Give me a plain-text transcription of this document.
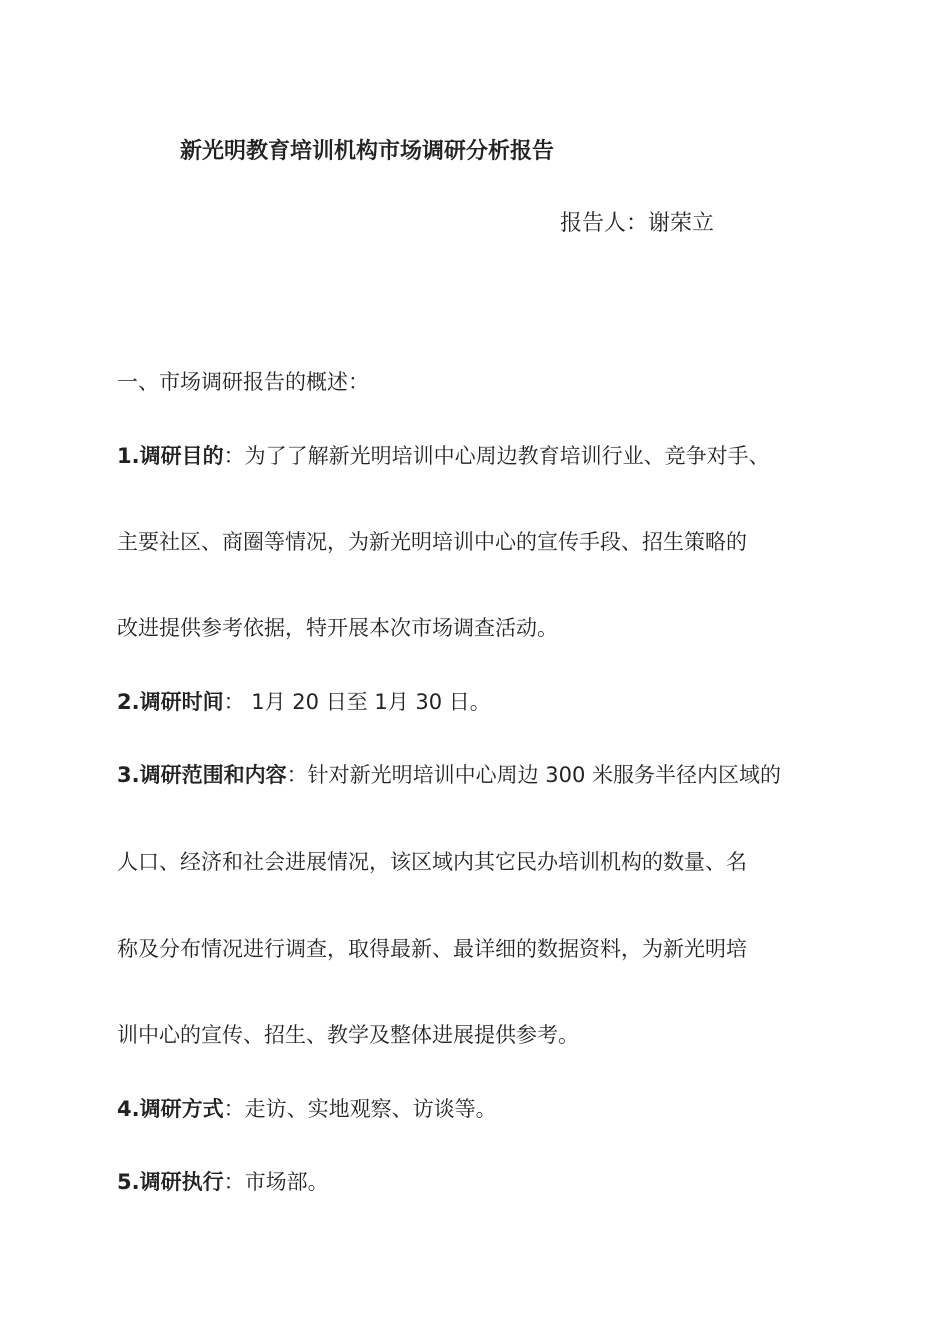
新光明教育培训机构市场调研分析报告
报告人：谢荣立
一、市场调研报告的概述：

1.调研目的：为了了解新光明培训中心周边教育培训行业、竞争对手、

主要社区、商圈等情况，为新光明培训中心的宣传手段、招生策略的

改进提供参考依据，特开展本次市场调查活动。

2.调研时间： 1月 20 日至 1月 30 日。

3.调研范围和内容：针对新光明培训中心周边 300 米服务半径内区域的

人口、经济和社会进展情况，该区域内其它民办培训机构的数量、名

称及分布情况进行调查，取得最新、最详细的数据资料，为新光明培

训中心的宣传、招生、教学及整体进展提供参考。

4.调研方式：走访、实地观察、访谈等。

5.调研执行：市场部。
